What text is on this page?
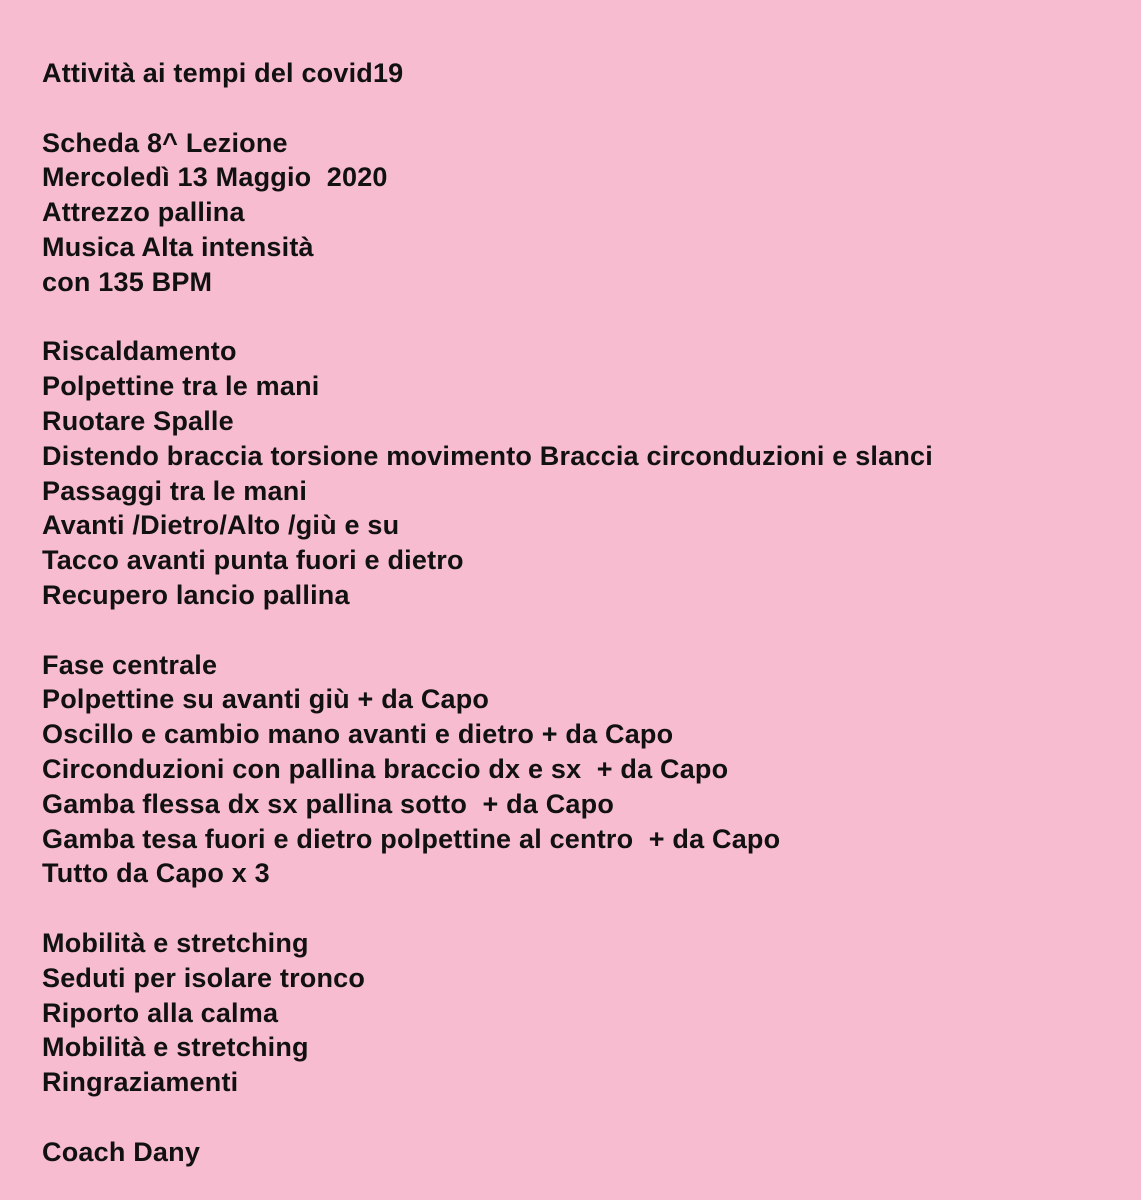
Attività ai tempi del covid19
Scheda 8^ Lezione
Mercoledì 13 Maggio  2020
Attrezzo pallina
Musica Alta intensità
con 135 BPM
Riscaldamento
Polpettine tra le mani
Ruotare Spalle
Distendo braccia torsione movimento Braccia circonduzioni e slanci
Passaggi tra le mani
Avanti /Dietro/Alto /giù e su
Tacco avanti punta fuori e dietro
Recupero lancio pallina
Fase centrale
Polpettine su avanti giù + da Capo
Oscillo e cambio mano avanti e dietro + da Capo
Circonduzioni con pallina braccio dx e sx  + da Capo
Gamba flessa dx sx pallina sotto  + da Capo
Gamba tesa fuori e dietro polpettine al centro  + da Capo
Tutto da Capo x 3
Mobilità e stretching
Seduti per isolare tronco
Riporto alla calma
Mobilità e stretching
Ringraziamenti
Coach Dany
